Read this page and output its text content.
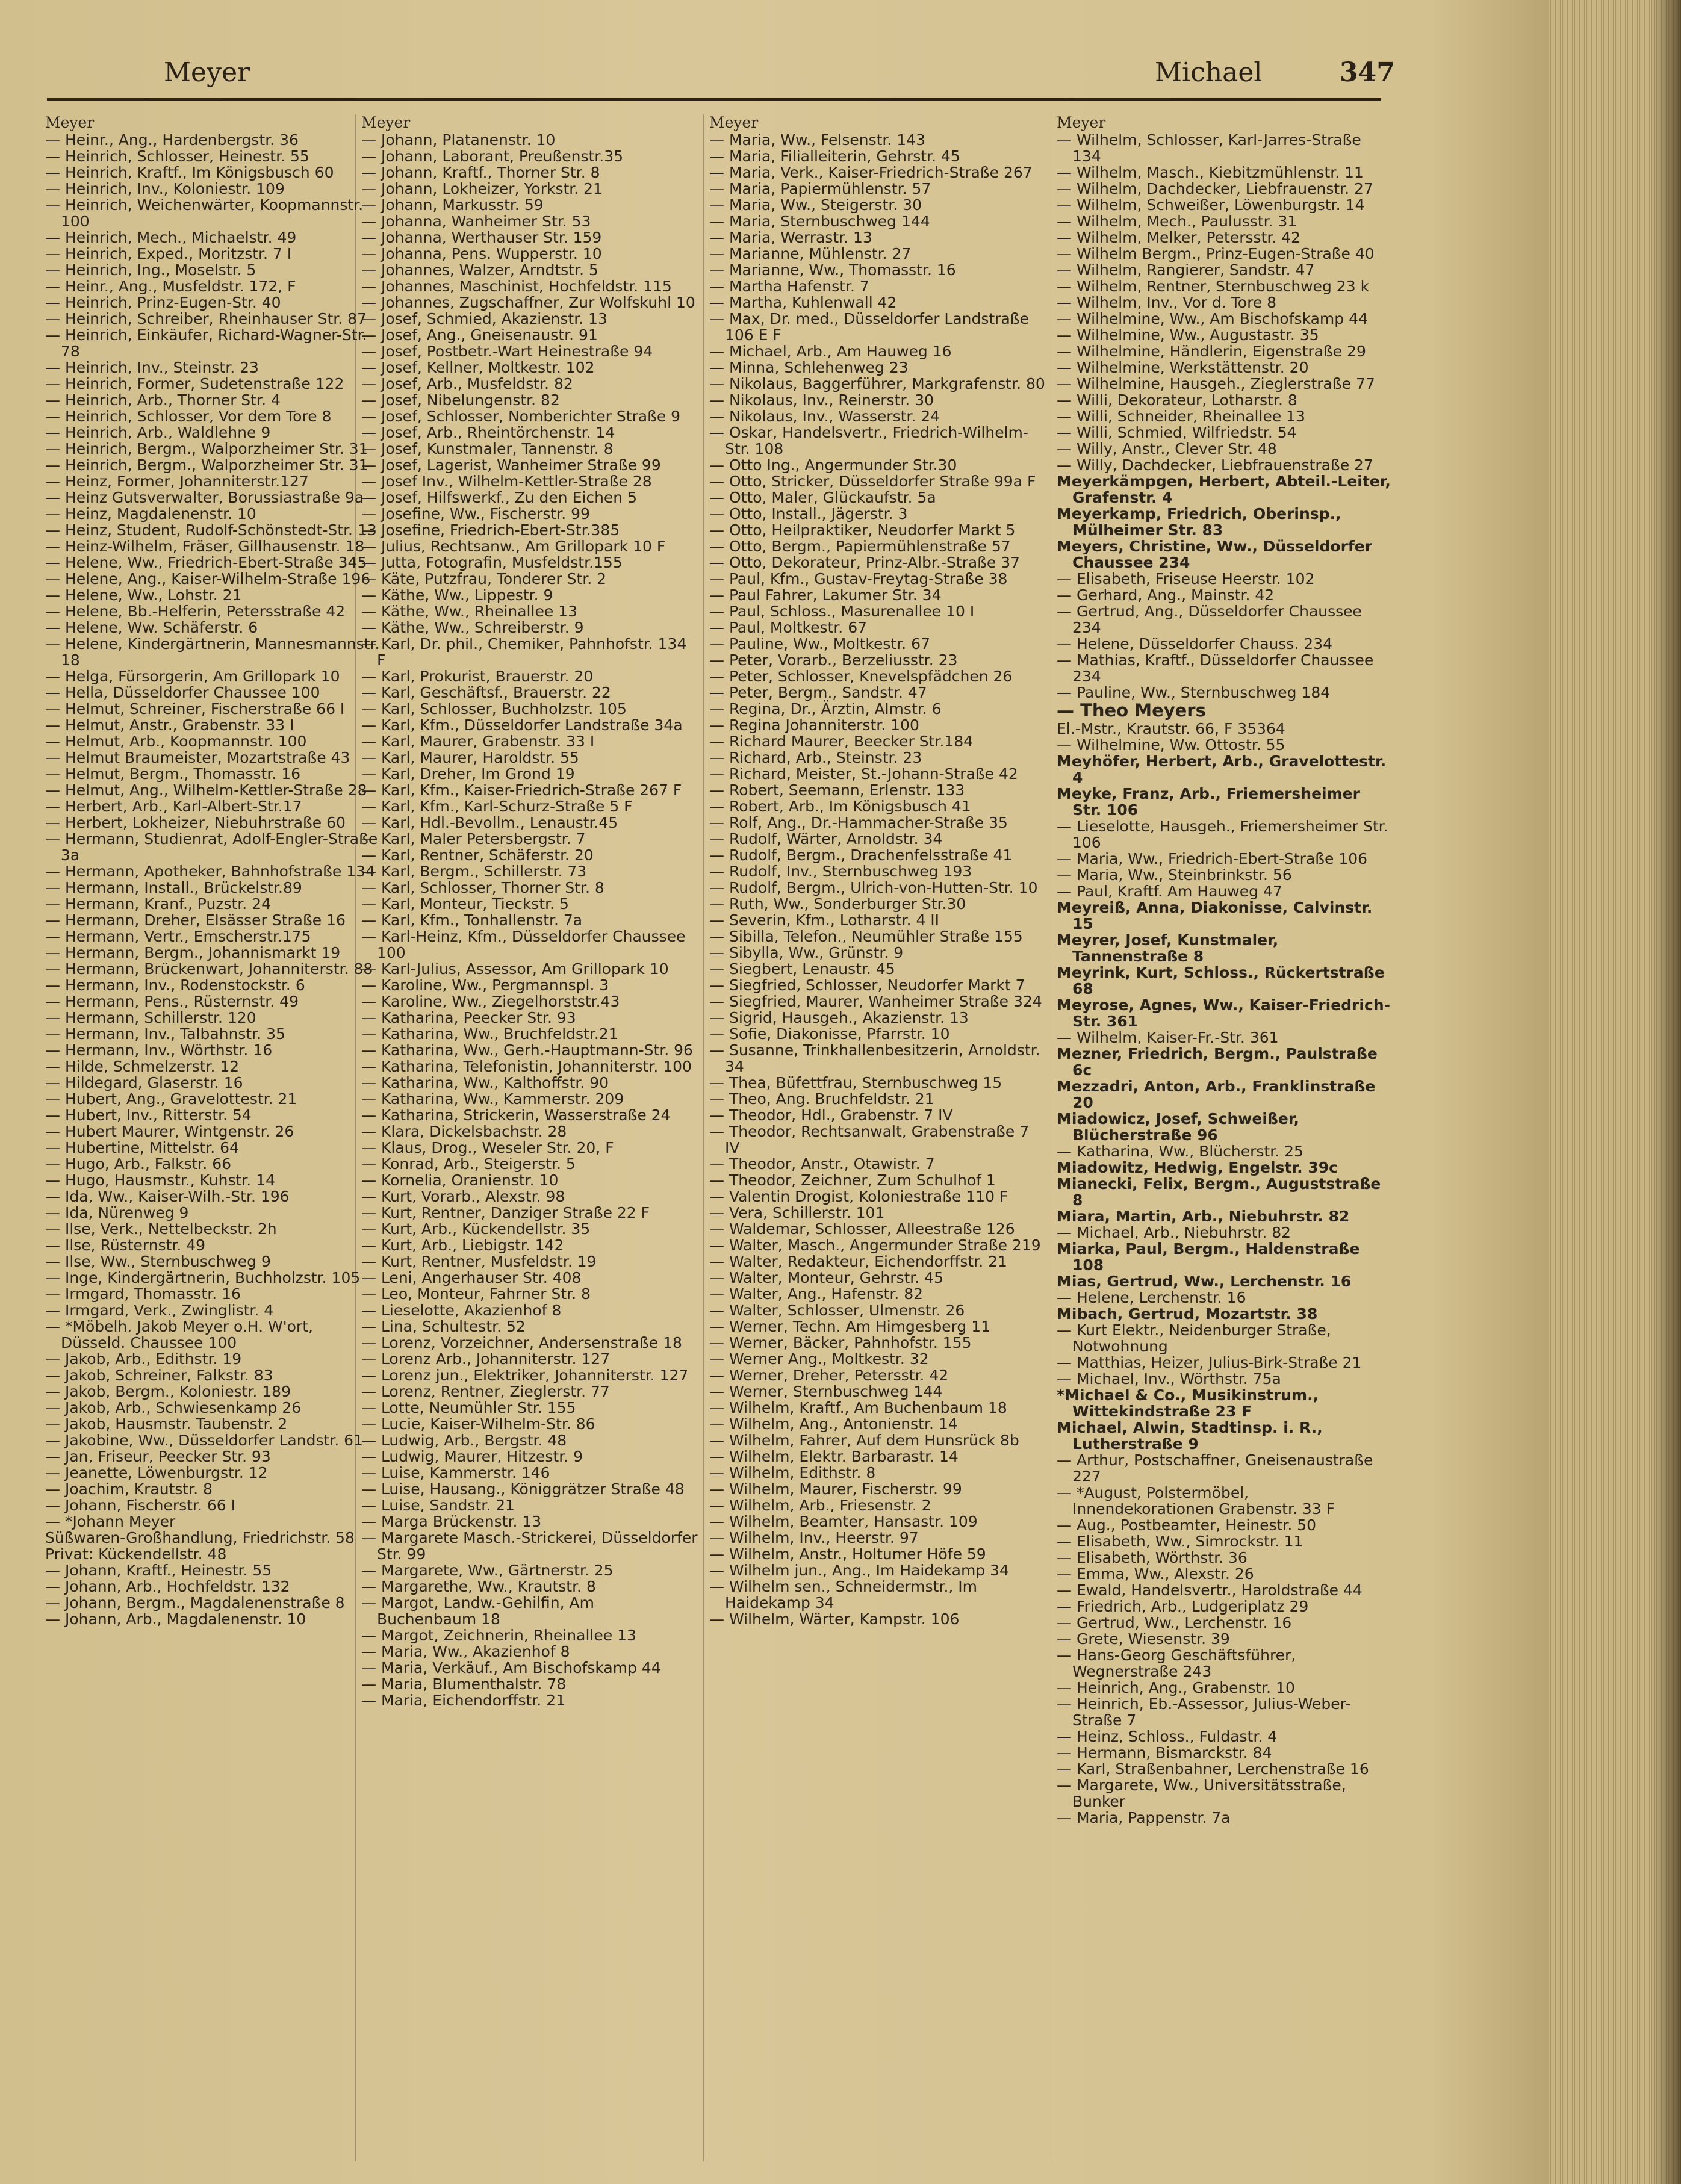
Meyer	Michael	347
Meyer
— Heinr., Ang., Hardenbergstr. 36
— Heinrich, Schlosser, Heinestr. 55
— Heinrich, Kraftf., Im Königsbusch 60
— Heinrich, Inv., Koloniestr. 109
— Heinrich, Weichenwärter, Koopmannstr. 100
— Heinrich, Mech., Michaelstr. 49
— Heinrich, Exped., Moritzstr. 7 I
— Heinrich, Ing., Moselstr. 5
— Heinr., Ang., Musfeldstr. 172, F
— Heinrich, Prinz-Eugen-Str. 40
— Heinrich, Schreiber, Rheinhauser Str. 87
— Heinrich, Einkäufer, Richard-Wagner-Str. 78
— Heinrich, Inv., Steinstr. 23
— Heinrich, Former, Sudetenstraße 122
— Heinrich, Arb., Thorner Str. 4
— Heinrich, Schlosser, Vor dem Tore 8
— Heinrich, Arb., Waldlehne 9
— Heinrich, Bergm., Walporzheimer Str. 31
— Heinrich, Bergm., Walporzheimer Str. 31
— Heinz, Former, Johanniterstr.127
— Heinz Gutsverwalter, Borussiastraße 9a
— Heinz, Magdalenenstr. 10
— Heinz, Student, Rudolf-Schönstedt-Str. 13
— Heinz-Wilhelm, Fräser, Gillhausenstr. 18
— Helene, Ww., Friedrich-Ebert-Straße 345
— Helene, Ang., Kaiser-Wilhelm-Straße 196
— Helene, Ww., Lohstr. 21
— Helene, Bb.-Helferin, Petersstraße 42
— Helene, Ww. Schäferstr. 6
— Helene, Kindergärtnerin, Mannesmannstr. 18
— Helga, Fürsorgerin, Am Grillopark 10
— Hella, Düsseldorfer Chaussee 100
— Helmut, Schreiner, Fischerstraße 66 I
— Helmut, Anstr., Grabenstr. 33 I
— Helmut, Arb., Koopmannstr. 100
— Helmut Braumeister, Mozartstraße 43
— Helmut, Bergm., Thomasstr. 16
— Helmut, Ang., Wilhelm-Kettler-Straße 28
— Herbert, Arb., Karl-Albert-Str.17
— Herbert, Lokheizer, Niebuhrstraße 60
— Hermann, Studienrat, Adolf-Engler-Straße 3a
— Hermann, Apotheker, Bahnhofstraße 134
— Hermann, Install., Brückelstr.89
— Hermann, Kranf., Puzstr. 24
— Hermann, Dreher, Elsässer Straße 16
— Hermann, Vertr., Emscherstr.175
— Hermann, Bergm., Johannismarkt 19
— Hermann, Brückenwart, Johanniterstr. 88
— Hermann, Inv., Rodenstockstr. 6
— Hermann, Pens., Rüsternstr. 49
— Hermann, Schillerstr. 120
— Hermann, Inv., Talbahnstr. 35
— Hermann, Inv., Wörthstr. 16
— Hilde, Schmelzerstr. 12
— Hildegard, Glaserstr. 16
— Hubert, Ang., Gravelottestr. 21
— Hubert, Inv., Ritterstr. 54
— Hubert Maurer, Wintgenstr. 26
— Hubertine, Mittelstr. 64
— Hugo, Arb., Falkstr. 66
— Hugo, Hausmstr., Kuhstr. 14
— Ida, Ww., Kaiser-Wilh.-Str. 196
— Ida, Nürenweg 9
— Ilse, Verk., Nettelbeckstr. 2h
— Ilse, Rüsternstr. 49
— Ilse, Ww., Sternbuschweg 9
— Inge, Kindergärtnerin, Buchholzstr. 105
— Irmgard, Thomasstr. 16
— Irmgard, Verk., Zwinglistr. 4
— *Möbelh. Jakob Meyer o.H. W'ort, Düsseld. Chaussee 100
— Jakob, Arb., Edithstr. 19
— Jakob, Schreiner, Falkstr. 83
— Jakob, Bergm., Koloniestr. 189
— Jakob, Arb., Schwiesenkamp 26
— Jakob, Hausmstr. Taubenstr. 2
— Jakobine, Ww., Düsseldorfer Landstr. 61
— Jan, Friseur, Peecker Str. 93
— Jeanette, Löwenburgstr. 12
— Joachim, Krautstr. 8
— Johann, Fischerstr. 66 I
— *Johann Meyer
Süßwaren-Großhandlung, Friedrichstr. 58
Privat: Kückendellstr. 48
— Johann, Kraftf., Heinestr. 55
— Johann, Arb., Hochfeldstr. 132
— Johann, Bergm., Magdalenenstraße 8
— Johann, Arb., Magdalenenstr. 10
Meyer
— Johann, Platanenstr. 10
— Johann, Laborant, Preußenstr.35
— Johann, Kraftf., Thorner Str. 8
— Johann, Lokheizer, Yorkstr. 21
— Johann, Markusstr. 59
— Johanna, Wanheimer Str. 53
— Johanna, Werthauser Str. 159
— Johanna, Pens. Wupperstr. 10
— Johannes, Walzer, Arndtstr. 5
— Johannes, Maschinist, Hochfeldstr. 115
— Johannes, Zugschaffner, Zur Wolfskuhl 10
— Josef, Schmied, Akazienstr. 13
— Josef, Ang., Gneisenaustr. 91
— Josef, Postbetr.-Wart Heinestraße 94
— Josef, Kellner, Moltkestr. 102
— Josef, Arb., Musfeldstr. 82
— Josef, Nibelungenstr. 82
— Josef, Schlosser, Nomberichter Straße 9
— Josef, Arb., Rheintörchenstr. 14
— Josef, Kunstmaler, Tannenstr. 8
— Josef, Lagerist, Wanheimer Straße 99
— Josef Inv., Wilhelm-Kettler-Straße 28
— Josef, Hilfswerkf., Zu den Eichen 5
— Josefine, Ww., Fischerstr. 99
— Josefine, Friedrich-Ebert-Str.385
— Julius, Rechtsanw., Am Grillopark 10 F
— Jutta, Fotografin, Musfeldstr.155
— Käte, Putzfrau, Tonderer Str. 2
— Käthe, Ww., Lippestr. 9
— Käthe, Ww., Rheinallee 13
— Käthe, Ww., Schreiberstr. 9
— Karl, Dr. phil., Chemiker, Pahnhofstr. 134 F
— Karl, Prokurist, Brauerstr. 20
— Karl, Geschäftsf., Brauerstr. 22
— Karl, Schlosser, Buchholzstr. 105
— Karl, Kfm., Düsseldorfer Landstraße 34a
— Karl, Maurer, Grabenstr. 33 I
— Karl, Maurer, Haroldstr. 55
— Karl, Dreher, Im Grond 19
— Karl, Kfm., Kaiser-Friedrich-Straße 267 F
— Karl, Kfm., Karl-Schurz-Straße 5 F
— Karl, Hdl.-Bevollm., Lenaustr.45
— Karl, Maler Petersbergstr. 7
— Karl, Rentner, Schäferstr. 20
— Karl, Bergm., Schillerstr. 73
— Karl, Schlosser, Thorner Str. 8
— Karl, Monteur, Tieckstr. 5
— Karl, Kfm., Tonhallenstr. 7a
— Karl-Heinz, Kfm., Düsseldorfer Chaussee 100
— Karl-Julius, Assessor, Am Grillopark 10
— Karoline, Ww., Pergmannspl. 3
— Karoline, Ww., Ziegelhorststr.43
— Katharina, Peecker Str. 93
— Katharina, Ww., Bruchfeldstr.21
— Katharina, Ww., Gerh.-Hauptmann-Str. 96
— Katharina, Telefonistin, Johanniterstr. 100
— Katharina, Ww., Kalthoffstr. 90
— Katharina, Ww., Kammerstr. 209
— Katharina, Strickerin, Wasserstraße 24
— Klara, Dickelsbachstr. 28
— Klaus, Drog., Weseler Str. 20, F
— Konrad, Arb., Steigerstr. 5
— Kornelia, Oranienstr. 10
— Kurt, Vorarb., Alexstr. 98
— Kurt, Rentner, Danziger Straße 22 F
— Kurt, Arb., Kückendellstr. 35
— Kurt, Arb., Liebigstr. 142
— Kurt, Rentner, Musfeldstr. 19
— Leni, Angerhauser Str. 408
— Leo, Monteur, Fahrner Str. 8
— Lieselotte, Akazienhof 8
— Lina, Schultestr. 52
— Lorenz, Vorzeichner, Andersenstraße 18
— Lorenz Arb., Johanniterstr. 127
— Lorenz jun., Elektriker, Johanniterstr. 127
— Lorenz, Rentner, Zieglerstr. 77
— Lotte, Neumühler Str. 155
— Lucie, Kaiser-Wilhelm-Str. 86
— Ludwig, Arb., Bergstr. 48
— Ludwig, Maurer, Hitzestr. 9
— Luise, Kammerstr. 146
— Luise, Hausang., Königgrätzer Straße 48
— Luise, Sandstr. 21
— Marga Brückenstr. 13
— Margarete Masch.-Strickerei, Düsseldorfer Str. 99
— Margarete, Ww., Gärtnerstr. 25
— Margarethe, Ww., Krautstr. 8
— Margot, Landw.-Gehilfin, Am Buchenbaum 18
— Margot, Zeichnerin, Rheinallee 13
— Maria, Ww., Akazienhof 8
— Maria, Verkäuf., Am Bischofskamp 44
— Maria, Blumenthalstr. 78
— Maria, Eichendorffstr. 21
Meyer
— Maria, Ww., Felsenstr. 143
— Maria, Filialleiterin, Gehrstr. 45
— Maria, Verk., Kaiser-Friedrich-Straße 267
— Maria, Papiermühlenstr. 57
— Maria, Ww., Steigerstr. 30
— Maria, Sternbuschweg 144
— Maria, Werrastr. 13
— Marianne, Mühlenstr. 27
— Marianne, Ww., Thomasstr. 16
— Martha Hafenstr. 7
— Martha, Kuhlenwall 42
— Max, Dr. med., Düsseldorfer Landstraße 106 E F
— Michael, Arb., Am Hauweg 16
— Minna, Schlehenweg 23
— Nikolaus, Baggerführer, Markgrafenstr. 80
— Nikolaus, Inv., Reinerstr. 30
— Nikolaus, Inv., Wasserstr. 24
— Oskar, Handelsvertr., Friedrich-Wilhelm-Str. 108
— Otto Ing., Angermunder Str.30
— Otto, Stricker, Düsseldorfer Straße 99a F
— Otto, Maler, Glückaufstr. 5a
— Otto, Install., Jägerstr. 3
— Otto, Heilpraktiker, Neudorfer Markt 5
— Otto, Bergm., Papiermühlenstraße 57
— Otto, Dekorateur, Prinz-Albr.-Straße 37
— Paul, Kfm., Gustav-Freytag-Straße 38
— Paul Fahrer, Lakumer Str. 34
— Paul, Schloss., Masurenallee 10 I
— Paul, Moltkestr. 67
— Pauline, Ww., Moltkestr. 67
— Peter, Vorarb., Berzeliusstr. 23
— Peter, Schlosser, Knevelspfädchen 26
— Peter, Bergm., Sandstr. 47
— Regina, Dr., Ärztin, Almstr. 6
— Regina Johanniterstr. 100
— Richard Maurer, Beecker Str.184
— Richard, Arb., Steinstr. 23
— Richard, Meister, St.-Johann-Straße 42
— Robert, Seemann, Erlenstr. 133
— Robert, Arb., Im Königsbusch 41
— Rolf, Ang., Dr.-Hammacher-Straße 35
— Rudolf, Wärter, Arnoldstr. 34
— Rudolf, Bergm., Drachenfelsstraße 41
— Rudolf, Inv., Sternbuschweg 193
— Rudolf, Bergm., Ulrich-von-Hutten-Str. 10
— Ruth, Ww., Sonderburger Str.30
— Severin, Kfm., Lotharstr. 4 II
— Sibilla, Telefon., Neumühler Straße 155
— Sibylla, Ww., Grünstr. 9
— Siegbert, Lenaustr. 45
— Siegfried, Schlosser, Neudorfer Markt 7
— Siegfried, Maurer, Wanheimer Straße 324
— Sigrid, Hausgeh., Akazienstr. 13
— Sofie, Diakonisse, Pfarrstr. 10
— Susanne, Trinkhallenbesitzerin, Arnoldstr. 34
— Thea, Büfettfrau, Sternbuschweg 15
— Theo, Ang. Bruchfeldstr. 21
— Theodor, Hdl., Grabenstr. 7 IV
— Theodor, Rechtsanwalt, Grabenstraße 7 IV
— Theodor, Anstr., Otawistr. 7
— Theodor, Zeichner, Zum Schulhof 1
— Valentin Drogist, Koloniestraße 110 F
— Vera, Schillerstr. 101
— Waldemar, Schlosser, Alleestraße 126
— Walter, Masch., Angermunder Straße 219
— Walter, Redakteur, Eichendorffstr. 21
— Walter, Monteur, Gehrstr. 45
— Walter, Ang., Hafenstr. 82
— Walter, Schlosser, Ulmenstr. 26
— Werner, Techn. Am Himgesberg 11
— Werner, Bäcker, Pahnhofstr. 155
— Werner Ang., Moltkestr. 32
— Werner, Dreher, Petersstr. 42
— Werner, Sternbuschweg 144
— Wilhelm, Kraftf., Am Buchenbaum 18
— Wilhelm, Ang., Antonienstr. 14
— Wilhelm, Fahrer, Auf dem Hunsrück 8b
— Wilhelm, Elektr. Barbarastr. 14
— Wilhelm, Edithstr. 8
— Wilhelm, Maurer, Fischerstr. 99
— Wilhelm, Arb., Friesenstr. 2
— Wilhelm, Beamter, Hansastr. 109
— Wilhelm, Inv., Heerstr. 97
— Wilhelm, Anstr., Holtumer Höfe 59
— Wilhelm jun., Ang., Im Haidekamp 34
— Wilhelm sen., Schneidermstr., Im Haidekamp 34
— Wilhelm, Wärter, Kampstr. 106
Meyer
— Wilhelm, Schlosser, Karl-Jarres-Straße 134
— Wilhelm, Masch., Kiebitzmühlenstr. 11
— Wilhelm, Dachdecker, Liebfrauenstr. 27
— Wilhelm, Schweißer, Löwenburgstr. 14
— Wilhelm, Mech., Paulusstr. 31
— Wilhelm, Melker, Petersstr. 42
— Wilhelm Bergm., Prinz-Eugen-Straße 40
— Wilhelm, Rangierer, Sandstr. 47
— Wilhelm, Rentner, Sternbuschweg 23 k
— Wilhelm, Inv., Vor d. Tore 8
— Wilhelmine, Ww., Am Bischofskamp 44
— Wilhelmine, Ww., Augustastr. 35
— Wilhelmine, Händlerin, Eigenstraße 29
— Wilhelmine, Werkstättenstr. 20
— Wilhelmine, Hausgeh., Zieglerstraße 77
— Willi, Dekorateur, Lotharstr. 8
— Willi, Schneider, Rheinallee 13
— Willi, Schmied, Wilfriedstr. 54
— Willy, Anstr., Clever Str. 48
— Willy, Dachdecker, Liebfrauenstraße 27
Meyerkämpgen, Herbert, Abteil.-Leiter, Grafenstr. 4
Meyerkamp, Friedrich, Oberinsp., Mülheimer Str. 83
Meyers, Christine, Ww., Düsseldorfer Chaussee 234
— Elisabeth, Friseuse Heerstr. 102
— Gerhard, Ang., Mainstr. 42
— Gertrud, Ang., Düsseldorfer Chaussee 234
— Helene, Düsseldorfer Chauss. 234
— Mathias, Kraftf., Düsseldorfer Chaussee 234
— Pauline, Ww., Sternbuschweg 184
— Theo Meyers
El.-Mstr., Krautstr. 66, F 35364
— Wilhelmine, Ww. Ottostr. 55
Meyhöfer, Herbert, Arb., Gravelottestr. 4
Meyke, Franz, Arb., Friemersheimer Str. 106
— Lieselotte, Hausgeh., Friemersheimer Str. 106
— Maria, Ww., Friedrich-Ebert-Straße 106
— Maria, Ww., Steinbrinkstr. 56
— Paul, Kraftf. Am Hauweg 47
Meyreiß, Anna, Diakonisse, Calvinstr. 15
Meyrer, Josef, Kunstmaler, Tannenstraße 8
Meyrink, Kurt, Schloss., Rückertstraße 68
Meyrose, Agnes, Ww., Kaiser-Friedrich-Str. 361
— Wilhelm, Kaiser-Fr.-Str. 361
Mezner, Friedrich, Bergm., Paulstraße 6c
Mezzadri, Anton, Arb., Franklinstraße 20
Miadowicz, Josef, Schweißer, Blücherstraße 96
— Katharina, Ww., Blücherstr. 25
Miadowitz, Hedwig, Engelstr. 39c
Mianecki, Felix, Bergm., Auguststraße 8
Miara, Martin, Arb., Niebuhrstr. 82
— Michael, Arb., Niebuhrstr. 82
Miarka, Paul, Bergm., Haldenstraße 108
Mias, Gertrud, Ww., Lerchenstr. 16
— Helene, Lerchenstr. 16
Mibach, Gertrud, Mozartstr. 38
— Kurt Elektr., Neidenburger Straße, Notwohnung
— Matthias, Heizer, Julius-Birk-Straße 21
— Michael, Inv., Wörthstr. 75a
*Michael & Co., Musikinstrum., Wittekindstraße 23 F
Michael, Alwin, Stadtinsp. i. R., Lutherstraße 9
— Arthur, Postschaffner, Gneisenaustraße 227
— *August, Polstermöbel, Innendekorationen Grabenstr. 33 F
— Aug., Postbeamter, Heinestr. 50
— Elisabeth, Ww., Simrockstr. 11
— Elisabeth, Wörthstr. 36
— Emma, Ww., Alexstr. 26
— Ewald, Handelsvertr., Haroldstraße 44
— Friedrich, Arb., Ludgeriplatz 29
— Gertrud, Ww., Lerchenstr. 16
— Grete, Wiesenstr. 39
— Hans-Georg Geschäftsführer, Wegnerstraße 243
— Heinrich, Ang., Grabenstr. 10
— Heinrich, Eb.-Assessor, Julius-Weber-Straße 7
— Heinz, Schloss., Fuldastr. 4
— Hermann, Bismarckstr. 84
— Karl, Straßenbahner, Lerchenstraße 16
— Margarete, Ww., Universitätsstraße, Bunker
— Maria, Pappenstr. 7a
